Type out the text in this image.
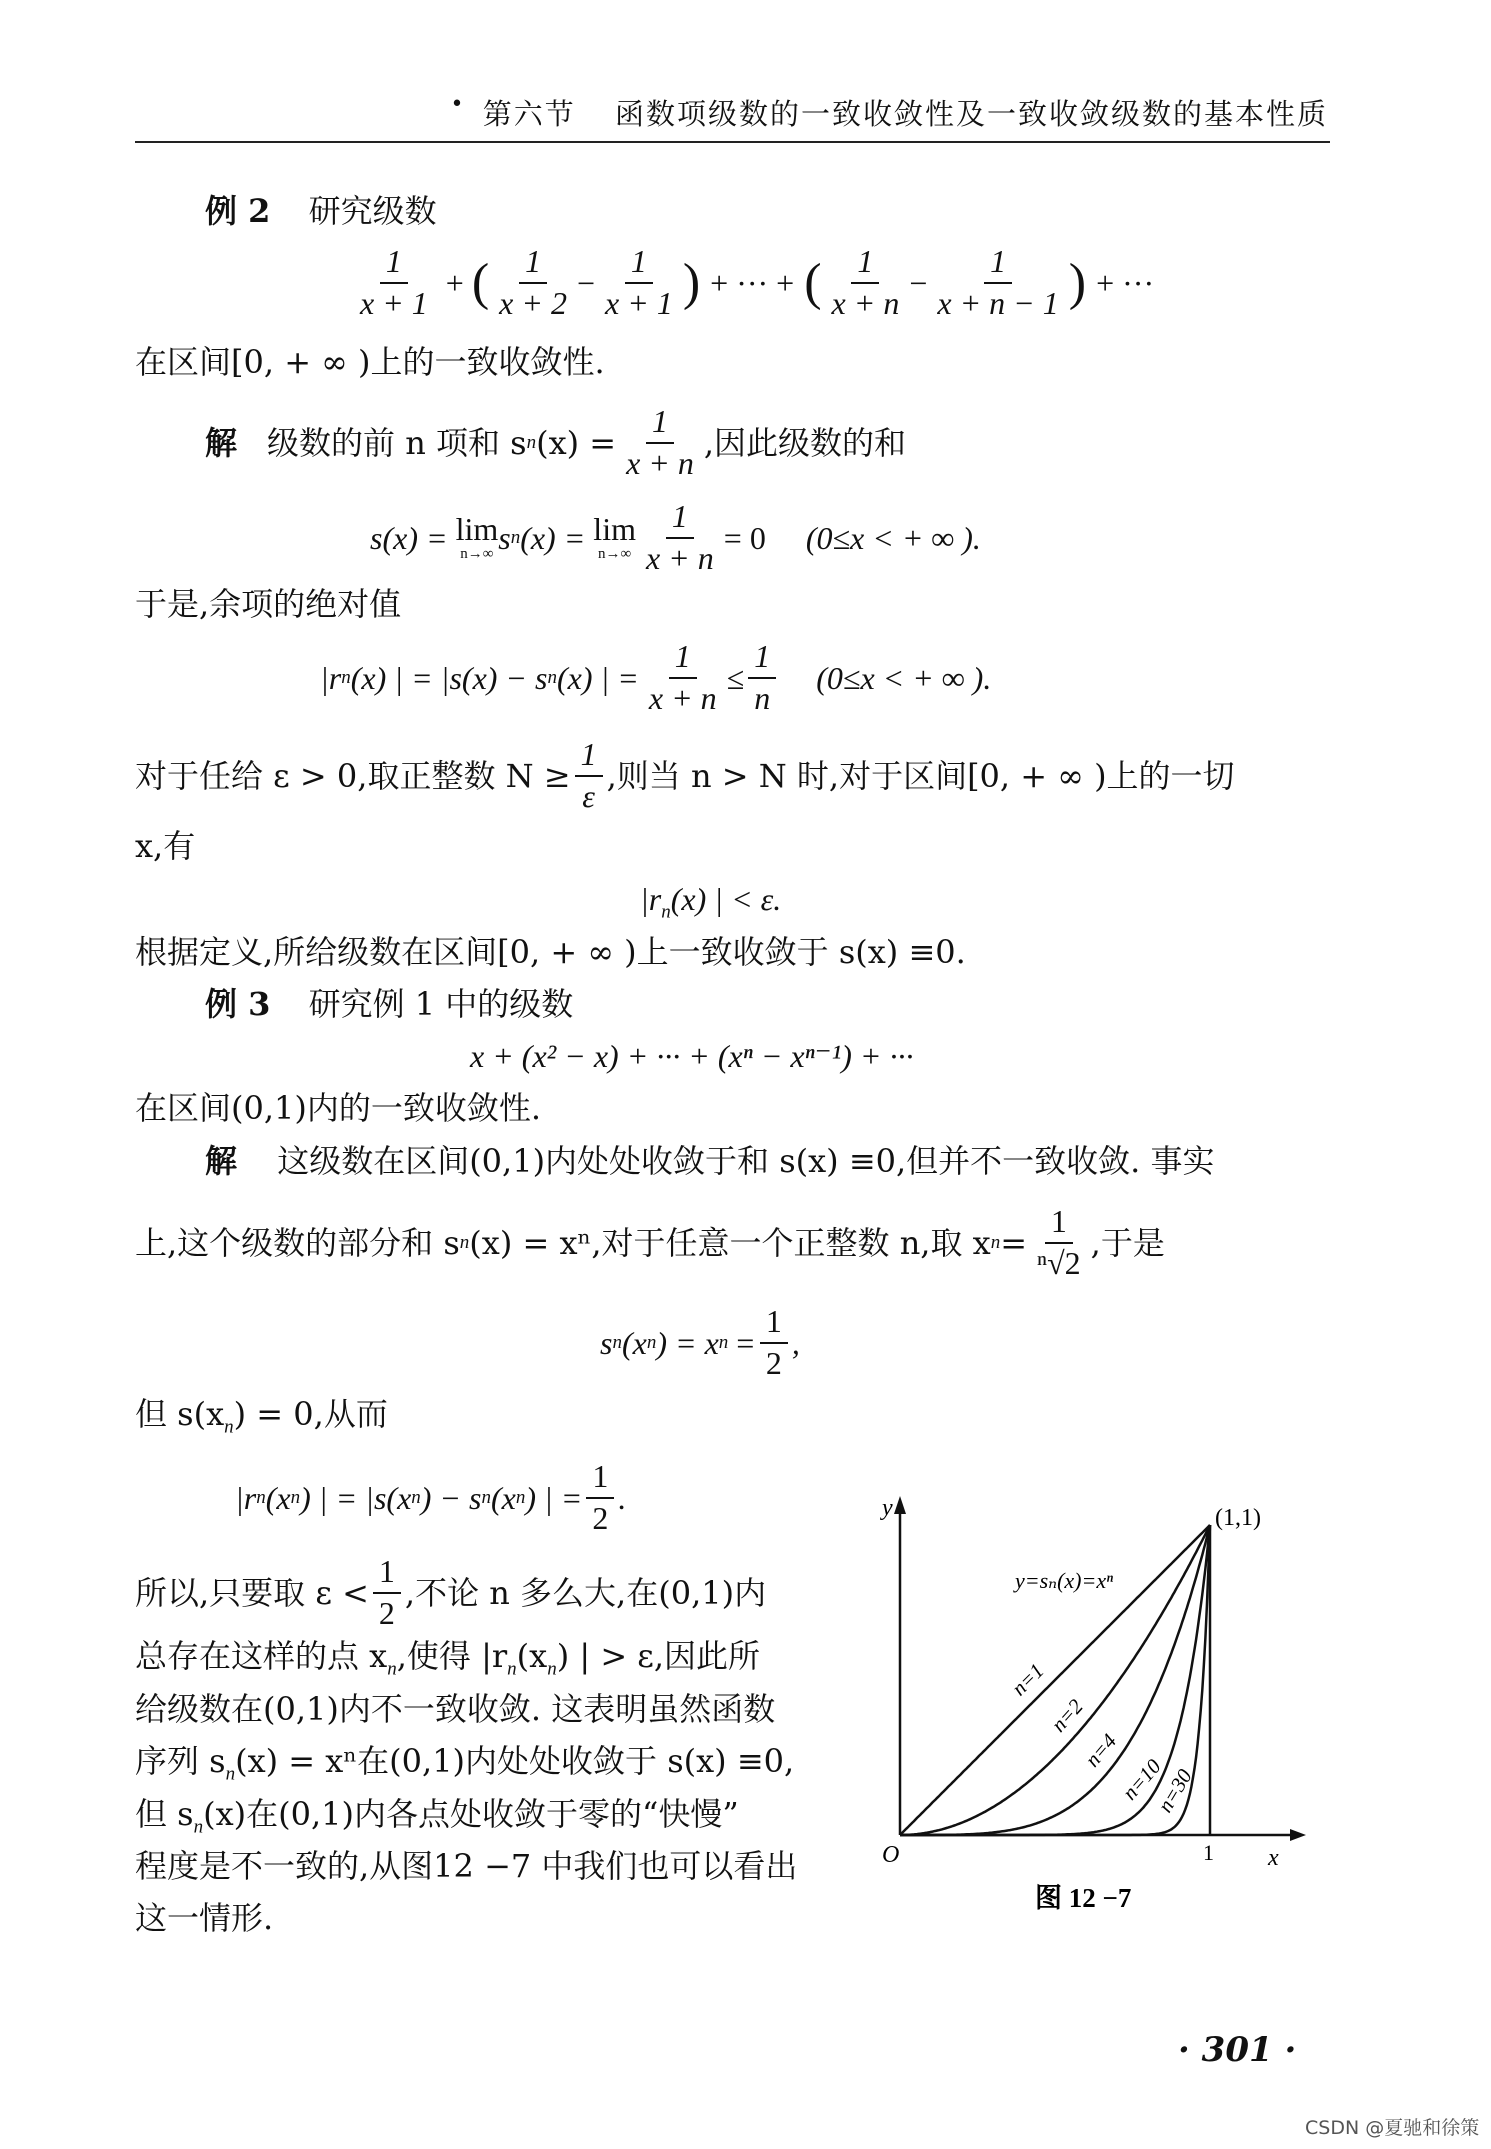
• 第六节 函数项级数的一致收敛性及一致收敛级数的基本性质
例 2 研究级数
$\frac{1}{x + 1}$ + ( $\frac{1}{x + 2} - \frac{1}{x + 1}$ ) + ··· + ( $\frac{1}{x + n} - \frac{1}{x + n - 1}$ ) + ···
在区间[0, + ∞ )上的一致收敛性.
解 级数的前 n 项和 s n $(x) = \frac{1}{x + n}$ ,因此级数的和
s(x) = lim
n→∞ s n (x) = lim
$n\to\infty \frac{1}{x + n} = 0$ (0≤x < + ∞ ).
于是,余项的绝对值
|r n (x) | = |s(x) − s n (x) | = $\frac{1}{x + n} \le \frac{1}{n} (0\le x$ < + ∞ ).
对于任给 ε > 0,取正整数 $N \ge \frac{1}{\varepsilon}$ ,则当 n > N 时,对于区间[0, + ∞ )上的一切
x,有
$|r_n(x)$ | < ε.
根据定义,所给级数在区间[0, + ∞ )上一致收敛于 s(x) ≡0.
例 3 研究例 1 中的级数
x + (x² − x) + ··· + (xⁿ − xⁿ⁻¹) + ···
在区间(0,1)内的一致收敛性.
解 这级数在区间(0,1)内处处收敛于和 s(x) ≡0,但并不一致收敛. 事实
上,这个级数的部分和 s n (x) = xⁿ,对于任意一个正整数 n,取 x $n = \frac{1}{\text{ⁿ√2}}$ ,于是
s n (x n ) = x $n = \frac{1}{2}$ ,
但 $s(x_n) = 0$,从而
|r n (x n ) | = |s(x n ) − s n (x n ) | = $\frac{1}{2}$ .
所以,只要取 $\varepsilon < \frac{1}{2}$ ,不论 n 多么大,在(0,1)内
总存在这样的点 $x_n$,使得 $|r_n(x_n)$ | > ε,因此所
给级数在(0,1)内不一致收敛. 这表明虽然函数
序列 $s_n(x) = x^n$在(0,1)内处处收敛于 s(x) ≡0,
但 $s_n(x)$在(0,1)内各点处收敛于零的“快慢”
程度是不一致的,从图12 −7 中我们也可以看出
这一情形.
n=1
n=2
n=4
n=10
n=30
y
x
O	1
(1,1)
y=sₙ(x)=xⁿ
图 12 −7
· 301 ·
CSDN @夏驰和徐策
